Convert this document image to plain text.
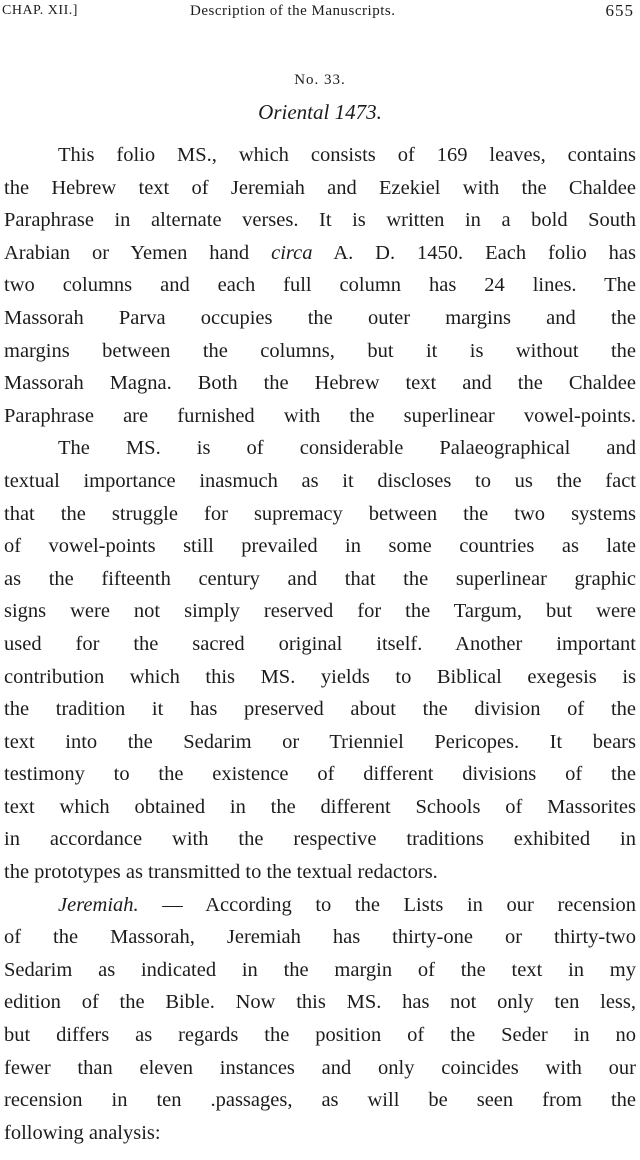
CHAP. XII.]	Description of the Manuscripts.	655
No. 33.
Oriental 1473.
This folio MS., which consists of 169 leaves, contains
the Hebrew text of Jeremiah and Ezekiel with the Chaldee
Paraphrase in alternate verses. It is written in a bold South
Arabian or Yemen hand circa A. D. 1450. Each folio has
two columns and each full column has 24 lines. The
Massorah Parva occupies the outer margins and the
margins between the columns, but it is without the
Massorah Magna. Both the Hebrew text and the Chaldee
Paraphrase are furnished with the superlinear vowel-points.
The MS. is of considerable Palaeographical and
textual importance inasmuch as it discloses to us the fact
that the struggle for supremacy between the two systems
of vowel-points still prevailed in some countries as late
as the fifteenth century and that the superlinear graphic
signs were not simply reserved for the Targum, but were
used for the sacred original itself. Another important
contribution which this MS. yields to Biblical exegesis is
the tradition it has preserved about the division of the
text into the Sedarim or Trienniel Pericopes. It bears
testimony to the existence of different divisions of the
text which obtained in the different Schools of Massorites
in accordance with the respective traditions exhibited in
the prototypes as transmitted to the textual redactors.
Jeremiah. — According to the Lists in our recension
of the Massorah, Jeremiah has thirty-one or thirty-two
Sedarim as indicated in the margin of the text in my
edition of the Bible. Now this MS. has not only ten less,
but differs as regards the position of the Seder in no
fewer than eleven instances and only coincides with our
recension in ten .passages, as will be seen from the
following analysis:
